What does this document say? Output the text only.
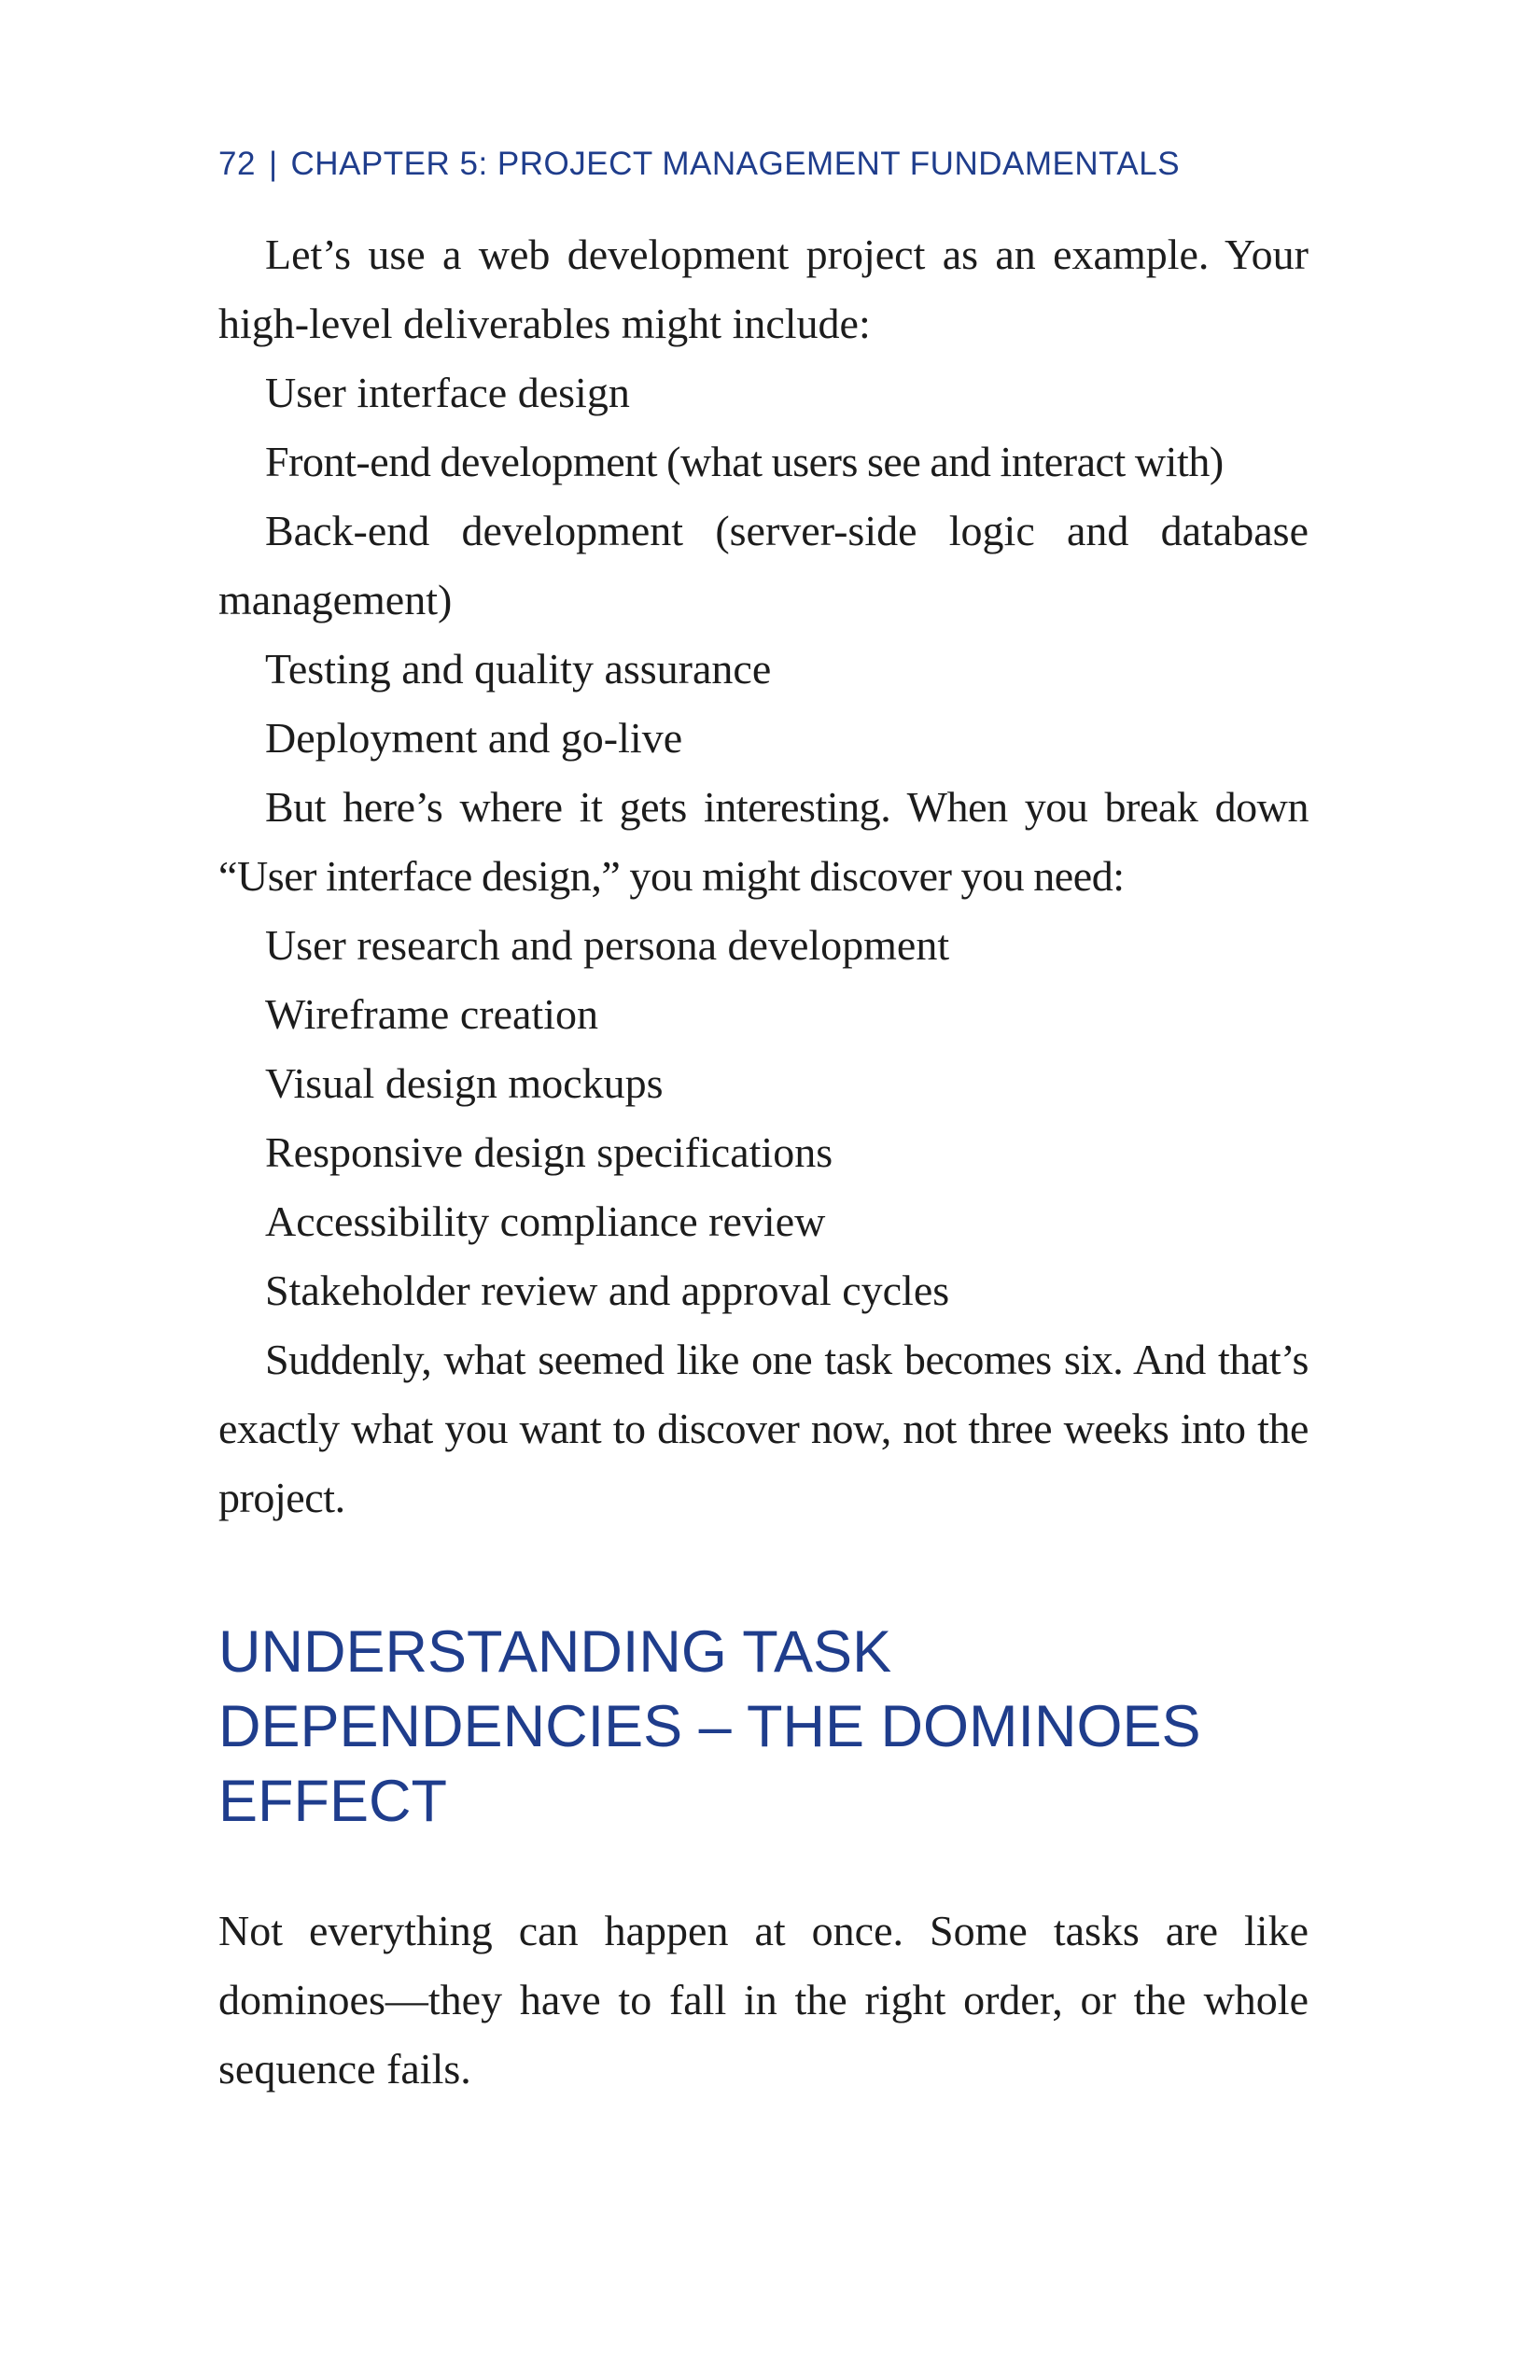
72 | CHAPTER 5: PROJECT MANAGEMENT FUNDAMENTALS

Let’s use a web development project as an example. Your high-level deliverables might include:

User interface design

Front-end development (what users see and interact with)

Back-end development (server-side logic and database management)

Testing and quality assurance

Deployment and go-live

But here’s where it gets interesting. When you break down “User interface design,” you might discover you need:

User research and persona development

Wireframe creation

Visual design mockups

Responsive design specifications

Accessibility compliance review

Stakeholder review and approval cycles

Suddenly, what seemed like one task becomes six. And that’s exactly what you want to discover now, not three weeks into the project.

UNDERSTANDING TASK
DEPENDENCIES – THE DOMINOES
EFFECT

Not everything can happen at once. Some tasks are like dominoes—they have to fall in the right order, or the whole sequence fails.
